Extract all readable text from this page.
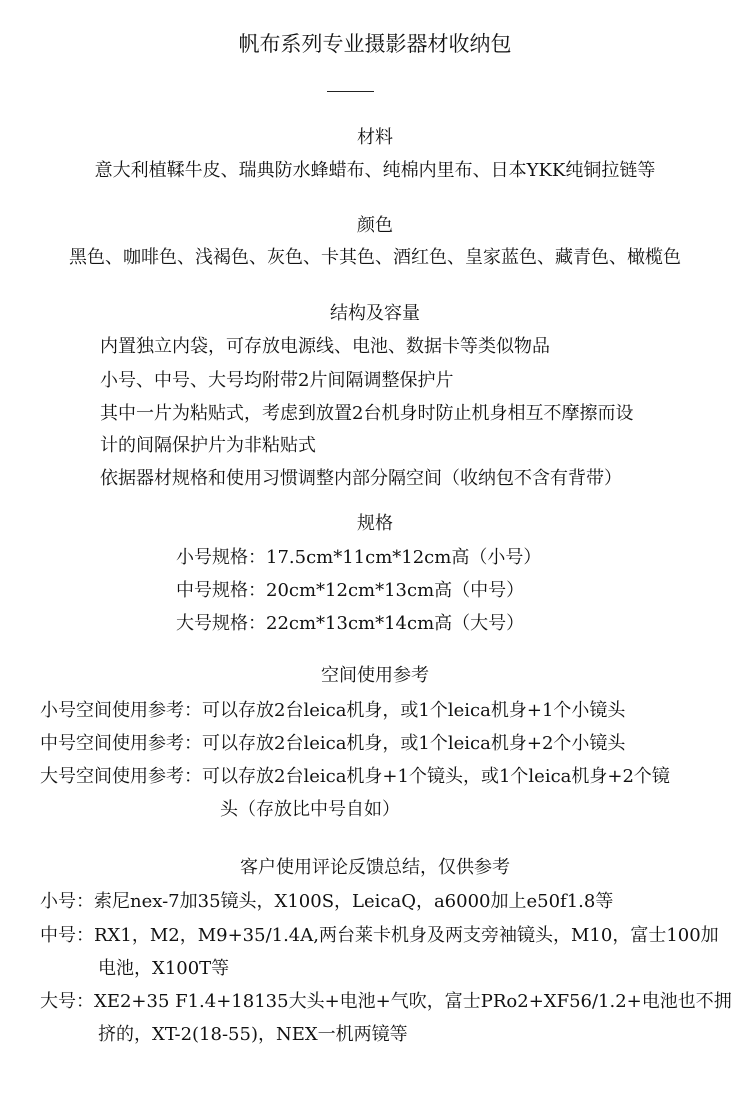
帆布系列专业摄影器材收纳包
材料
意大利植鞣牛皮、瑞典防水蜂蜡布、纯棉内里布、日本YKK纯铜拉链等
颜色
黑色、咖啡色、浅褐色、灰色、卡其色、酒红色、皇家蓝色、藏青色、橄榄色
结构及容量
内置独立内袋，可存放电源线、电池、数据卡等类似物品
小号、中号、大号均附带2片间隔调整保护片
其中一片为粘贴式，考虑到放置2台机身时防止机身相互不摩擦而设
计的间隔保护片为非粘贴式
依据器材规格和使用习惯调整内部分隔空间（收纳包不含有背带）
规格
小号规格：17.5cm*11cm*12cm高（小号）
中号规格：20cm*12cm*13cm高（中号）
大号规格：22cm*13cm*14cm高（大号）
空间使用参考
小号空间使用参考：可以存放2台leica机身，或1个leica机身+1个小镜头
中号空间使用参考：可以存放2台leica机身，或1个leica机身+2个小镜头
大号空间使用参考：可以存放2台leica机身+1个镜头，或1个leica机身+2个镜
头（存放比中号自如）
客户使用评论反馈总结，仅供参考
小号：索尼nex-7加35镜头，X100S，LeicaQ，a6000加上e50f1.8等
中号：RX1，M2，M9+35/1.4A,两台莱卡机身及两支旁袖镜头，M10，富士100加
电池，X100T等
大号：XE2+35 F1.4+18135大头+电池+气吹，富士PRo2+XF56/1.2+电池也不拥
挤的，XT-2(18-55)，NEX一机两镜等
